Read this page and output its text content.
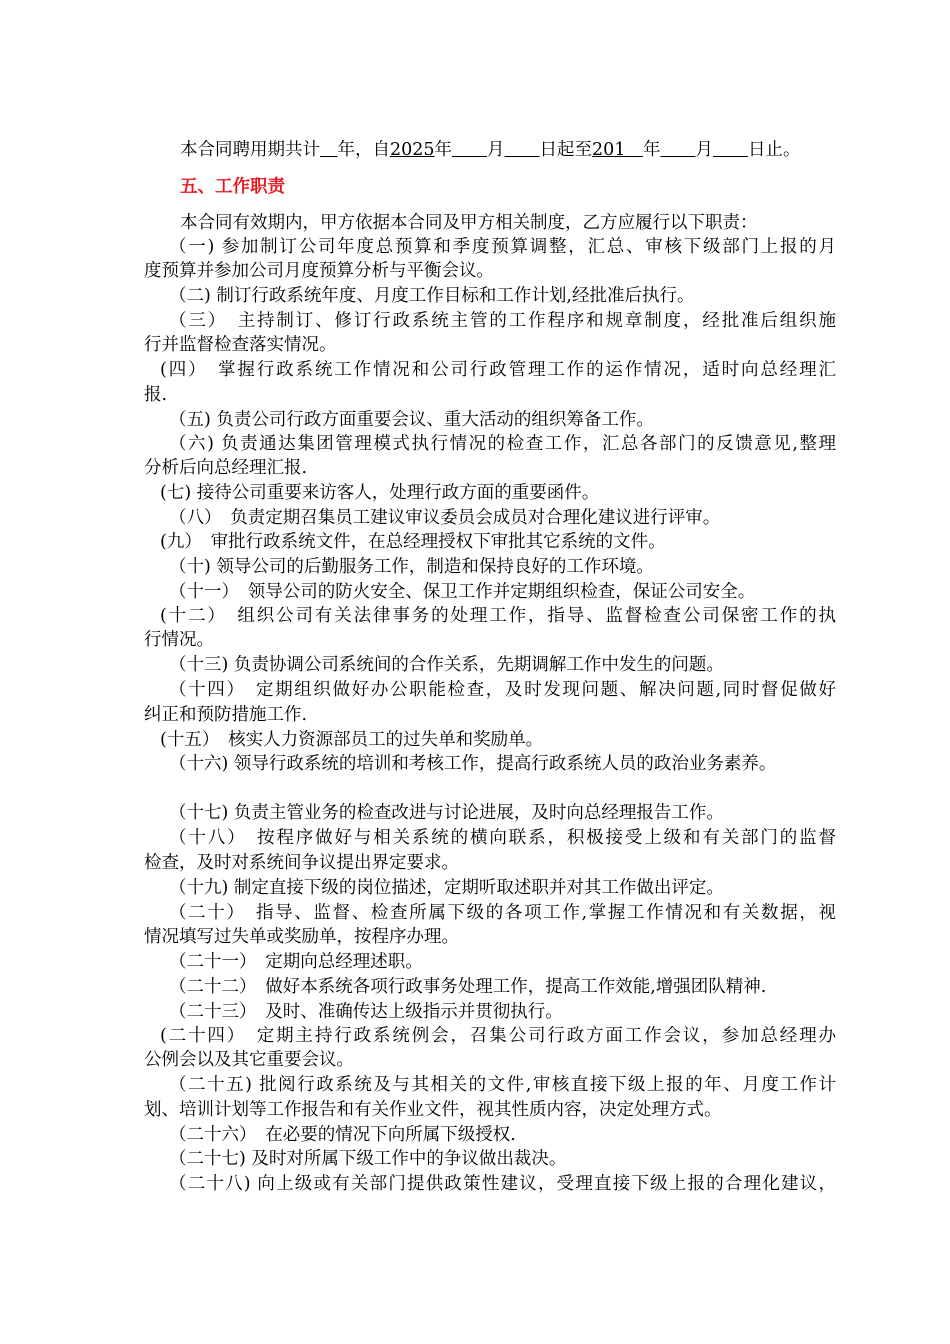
本合同聘用期共计　 年，自2025年　　 月　　 日起至201　 年　　 月　　 日止。
五、工作职责
本合同有效期内，甲方依据本合同及甲方相关制度，乙方应履行以下职责：
（一) 参加制订公司年度总预算和季度预算调整，汇总、审核下级部门上报的月
度预算并参加公司月度预算分析与平衡会议。
（二) 制订行政系统年度、月度工作目标和工作计划,经批准后执行。
（三）　主持制订、修订行政系统主管的工作程序和规章制度，经批准后组织施
行并监督检查落实情况。
(四）　掌握行政系统工作情况和公司行政管理工作的运作情况，适时向总经理汇
报.
（五) 负责公司行政方面重要会议、重大活动的组织筹备工作。
（六) 负责通达集团管理模式执行情况的检查工作，汇总各部门的反馈意见,整理
分析后向总经理汇报.
(七) 接待公司重要来访客人，处理行政方面的重要函件。
（八）　负责定期召集员工建议审议委员会成员对合理化建议进行评审。
(九）　审批行政系统文件，在总经理授权下审批其它系统的文件。
（十) 领导公司的后勤服务工作，制造和保持良好的工作环境。
（十一）　领导公司的防火安全、保卫工作并定期组织检查，保证公司安全。
(十二）　组织公司有关法律事务的处理工作，指导、监督检查公司保密工作的执
行情况。
（十三) 负责协调公司系统间的合作关系，先期调解工作中发生的问题。
（十四）　定期组织做好办公职能检查，及时发现问题、解决问题,同时督促做好
纠正和预防措施工作.
(十五）　核实人力资源部员工的过失单和奖励单。
（十六) 领导行政系统的培训和考核工作，提高行政系统人员的政治业务素养。
（十七) 负责主管业务的检查改进与讨论进展，及时向总经理报告工作。
（十八）　按程序做好与相关系统的横向联系，积极接受上级和有关部门的监督
检查，及时对系统间争议提出界定要求。
（十九) 制定直接下级的岗位描述，定期听取述职并对其工作做出评定。
（二十）　指导、监督、检查所属下级的各项工作,掌握工作情况和有关数据，视
情况填写过失单或奖励单，按程序办理。
（二十一）　定期向总经理述职。
（二十二）　做好本系统各项行政事务处理工作，提高工作效能,增强团队精神.
（二十三）　及时、准确传达上级指示并贯彻执行。
(二十四）　定期主持行政系统例会，召集公司行政方面工作会议，参加总经理办
公例会以及其它重要会议。
（二十五) 批阅行政系统及与其相关的文件,审核直接下级上报的年、月度工作计
划、培训计划等工作报告和有关作业文件，视其性质内容，决定处理方式。
（二十六）　在必要的情况下向所属下级授权.
（二十七) 及时对所属下级工作中的争议做出裁决。
（二十八) 向上级或有关部门提供政策性建议，受理直接下级上报的合理化建议，
